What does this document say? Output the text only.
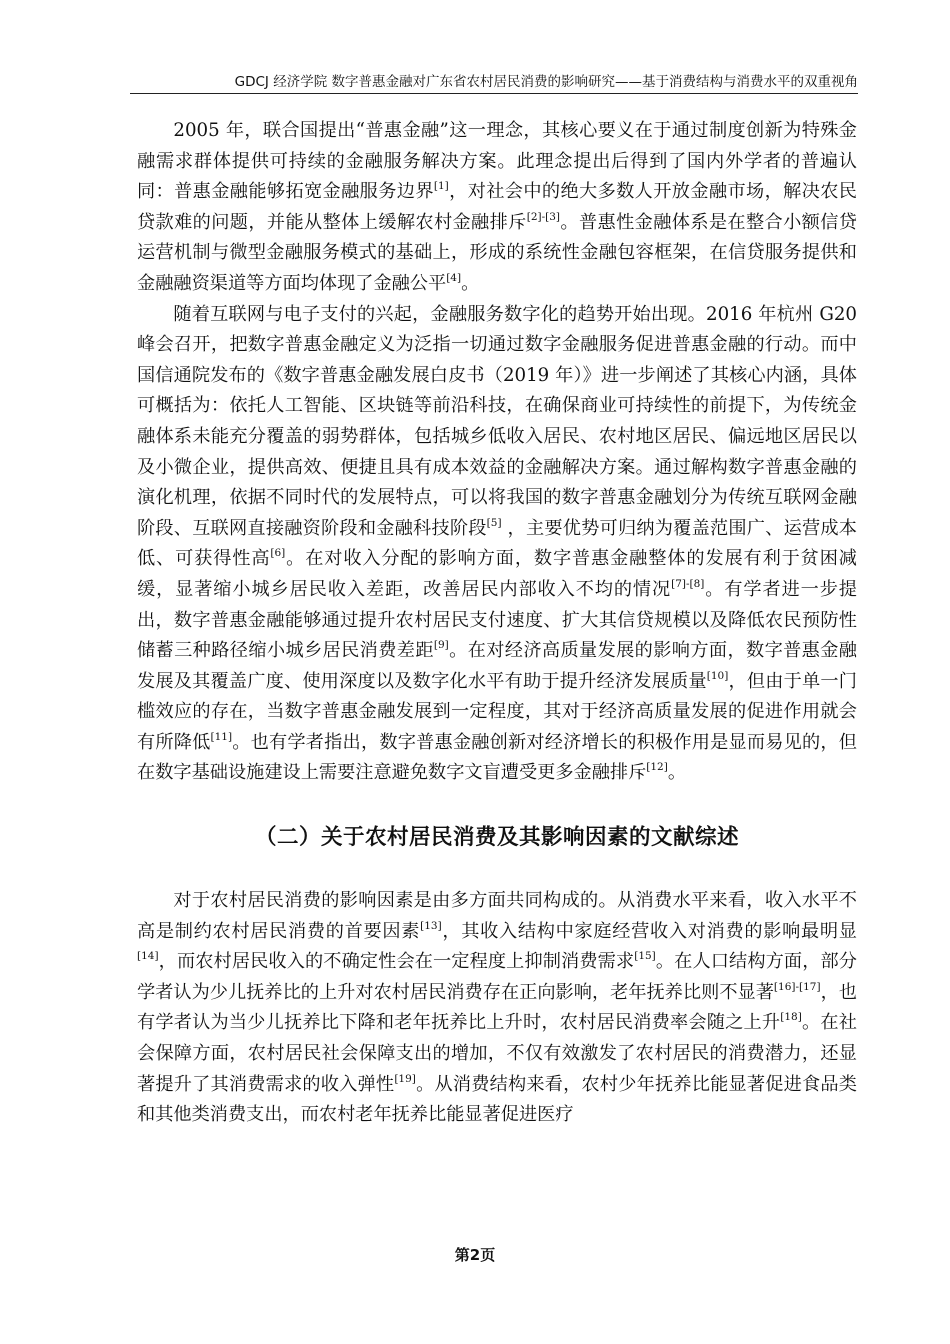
GDCJ 经济学院 数字普惠金融对广东省农村居民消费的影响研究——基于消费结构与消费水平的双重视角

2005 年，联合国提出“普惠金融”这一理念，其核心要义在于通过制度创新为特殊金融需求群体提供可持续的金融服务解决方案。此理念提出后得到了国内外学者的普遍认同：普惠金融能够拓宽金融服务边界[1]，对社会中的绝大多数人开放金融市场，解决农民贷款难的问题，并能从整体上缓解农村金融排斥[2]-[3]。普惠性金融体系是在整合小额信贷运营机制与微型金融服务模式的基础上，形成的系统性金融包容框架，在信贷服务提供和金融融资渠道等方面均体现了金融公平[4]。

随着互联网与电子支付的兴起，金融服务数字化的趋势开始出现。2016 年杭州 G20 峰会召开，把数字普惠金融定义为泛指一切通过数字金融服务促进普惠金融的行动。而中国信通院发布的《数字普惠金融发展白皮书（2019 年）》进一步阐述了其核心内涵，具体可概括为：依托人工智能、区块链等前沿科技，在确保商业可持续性的前提下，为传统金融体系未能充分覆盖的弱势群体，包括城乡低收入居民、农村地区居民、偏远地区居民以及小微企业，提供高效、便捷且具有成本效益的金融解决方案。通过解构数字普惠金融的演化机理，依据不同时代的发展特点，可以将我国的数字普惠金融划分为传统互联网金融阶段、互联网直接融资阶段和金融科技阶段[5] ，主要优势可归纳为覆盖范围广、运营成本低、可获得性高[6]。在对收入分配的影响方面，数字普惠金融整体的发展有利于贫困减缓，显著缩小城乡居民收入差距，改善居民内部收入不均的情况[7]-[8]。有学者进一步提出，数字普惠金融能够通过提升农村居民支付速度、扩大其信贷规模以及降低农民预防性储蓄三种路径缩小城乡居民消费差距[9]。在对经济高质量发展的影响方面，数字普惠金融发展及其覆盖广度、使用深度以及数字化水平有助于提升经济发展质量[10]，但由于单一门槛效应的存在，当数字普惠金融发展到一定程度，其对于经济高质量发展的促进作用就会有所降低[11]。也有学者指出，数字普惠金融创新对经济增长的积极作用是显而易见的，但在数字基础设施建设上需要注意避免数字文盲遭受更多金融排斥[12]。

（二）关于农村居民消费及其影响因素的文献综述

对于农村居民消费的影响因素是由多方面共同构成的。从消费水平来看，收入水平不高是制约农村居民消费的首要因素[13]，其收入结构中家庭经营收入对消费的影响最明显[14]，而农村居民收入的不确定性会在一定程度上抑制消费需求[15]。在人口结构方面，部分学者认为少儿抚养比的上升对农村居民消费存在正向影响，老年抚养比则不显著[16]-[17]，也有学者认为当少儿抚养比下降和老年抚养比上升时，农村居民消费率会随之上升[18]。在社会保障方面，农村居民社会保障支出的增加，不仅有效激发了农村居民的消费潜力，还显著提升了其消费需求的收入弹性[19]。从消费结构来看，农村少年抚养比能显著促进食品类和其他类消费支出，而农村老年抚养比能显著促进医疗

第2页
